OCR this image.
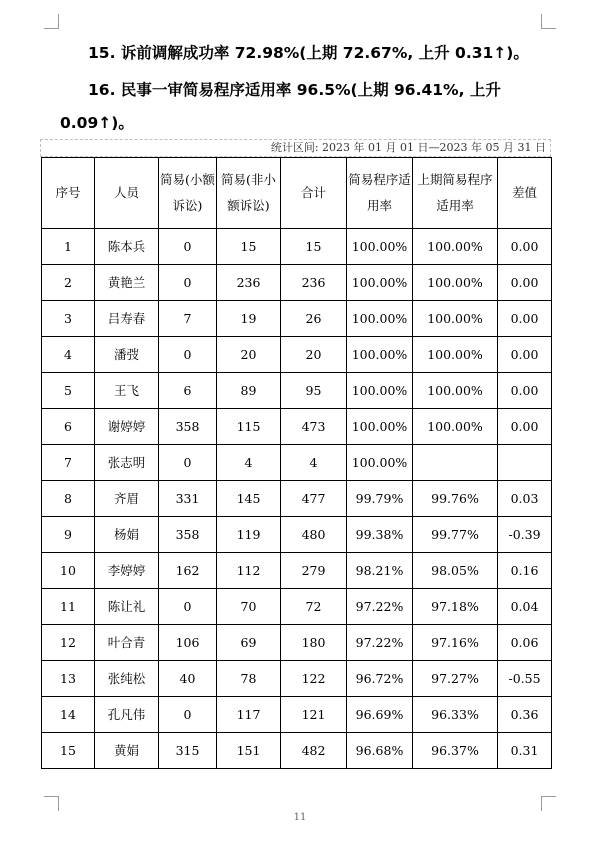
15. 诉前调解成功率 72.98%(上期 72.67%, 上升 0.31↑)。
16. 民事一审简易程序适用率 96.5%(上期 96.41%, 上升
0.09↑)。
统计区间: 2023 年 01 月 01 日—2023 年 05 月 31 日
序号	人员	简易(小额诉讼)	简易(非小额诉讼)	合计	简易程序适用率	上期简易程序适用率	差值
1	陈本兵	0	15	15	100.00%	100.00%	0.00
2	黄艳兰	0	236	236	100.00%	100.00%	0.00
3	吕寿春	7	19	26	100.00%	100.00%	0.00
4	潘弢	0	20	20	100.00%	100.00%	0.00
5	王飞	6	89	95	100.00%	100.00%	0.00
6	谢婷婷	358	115	473	100.00%	100.00%	0.00
7	张志明	0	4	4	100.00%		
8	齐眉	331	145	477	99.79%	99.76%	0.03
9	杨娟	358	119	480	99.38%	99.77%	-0.39
10	李婷婷	162	112	279	98.21%	98.05%	0.16
11	陈让礼	0	70	72	97.22%	97.18%	0.04
12	叶合青	106	69	180	97.22%	97.16%	0.06
13	张纯松	40	78	122	96.72%	97.27%	-0.55
14	孔凡伟	0	117	121	96.69%	96.33%	0.36
15	黄娟	315	151	482	96.68%	96.37%	0.31
11
